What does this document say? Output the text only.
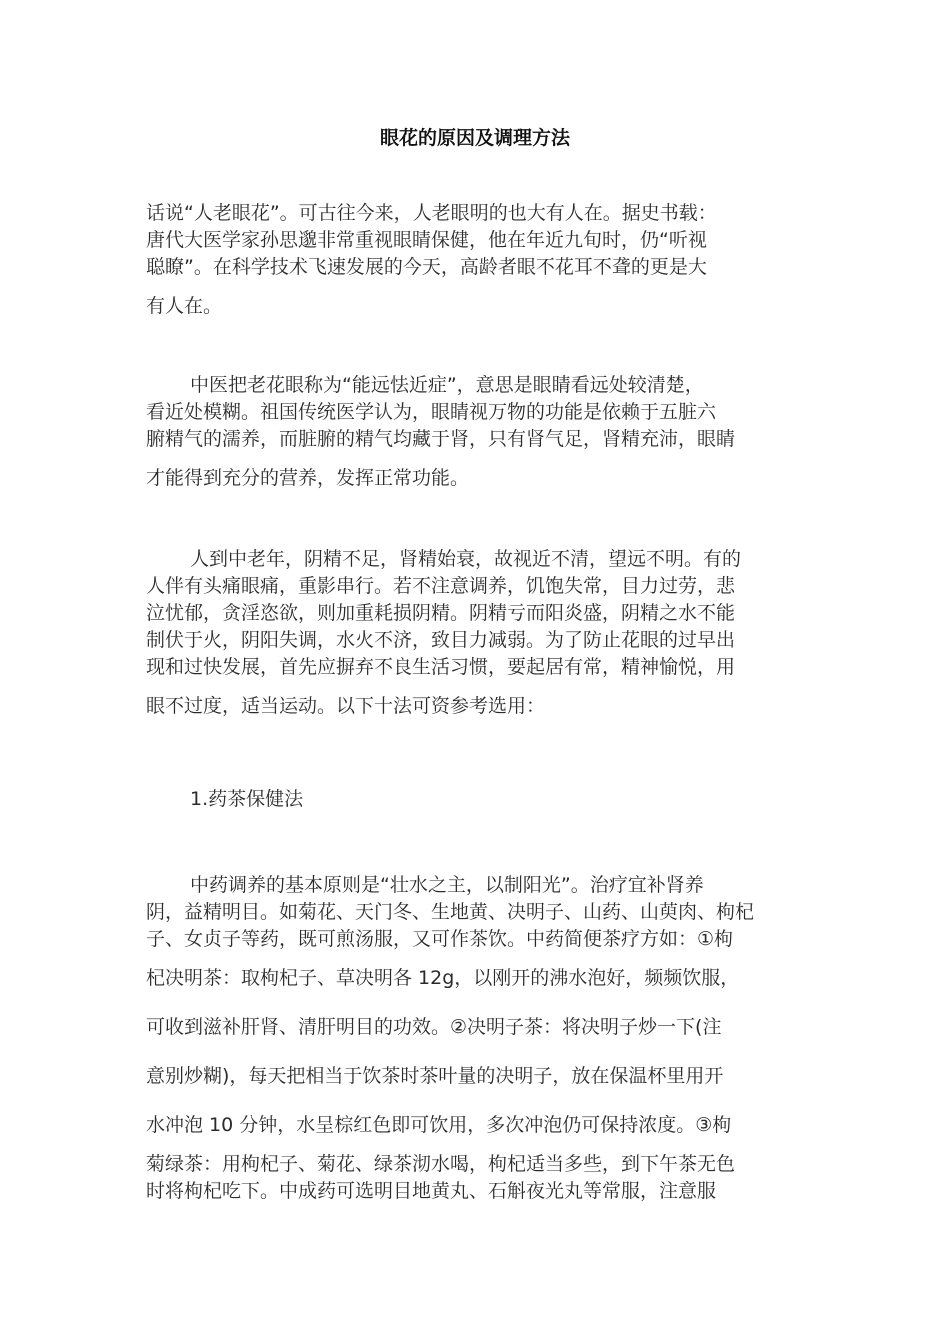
眼花的原因及调理方法

话说“人老眼花”。可古往今来，人老眼明的也大有人在。据史书载：
唐代大医学家孙思邈非常重视眼睛保健，他在年近九旬时，仍“听视
聪瞭”。在科学技术飞速发展的今天，高龄者眼不花耳不聋的更是大
有人在。

中医把老花眼称为“能远怯近症”，意思是眼睛看远处较清楚，
看近处模糊。祖国传统医学认为，眼睛视万物的功能是依赖于五脏六
腑精气的濡养，而脏腑的精气均藏于肾，只有肾气足，肾精充沛，眼睛
才能得到充分的营养，发挥正常功能。

人到中老年，阴精不足，肾精始衰，故视近不清，望远不明。有的
人伴有头痛眼痛，重影串行。若不注意调养，饥饱失常，目力过劳，悲
泣忧郁，贪淫恣欲，则加重耗损阴精。阴精亏而阳炎盛，阴精之水不能
制伏于火，阴阳失调，水火不济，致目力减弱。为了防止花眼的过早出
现和过快发展，首先应摒弃不良生活习惯，要起居有常，精神愉悦，用
眼不过度，适当运动。以下十法可资参考选用：

1.药茶保健法

中药调养的基本原则是“壮水之主，以制阳光”。治疗宜补肾养
阴，益精明目。如菊花、天门冬、生地黄、决明子、山药、山萸肉、枸杞
子、女贞子等药，既可煎汤服，又可作茶饮。中药简便茶疗方如：①枸
杞决明茶：取枸杞子、草决明各 12g，以刚开的沸水泡好，频频饮服，
可收到滋补肝肾、清肝明目的功效。②决明子茶：将决明子炒一下(注
意别炒糊)，每天把相当于饮茶时茶叶量的决明子，放在保温杯里用开
水冲泡 10 分钟，水呈棕红色即可饮用，多次冲泡仍可保持浓度。③枸
菊绿茶：用枸杞子、菊花、绿茶沏水喝，枸杞适当多些，到下午茶无色
时将枸杞吃下。中成药可选明目地黄丸、石斛夜光丸等常服，注意服
